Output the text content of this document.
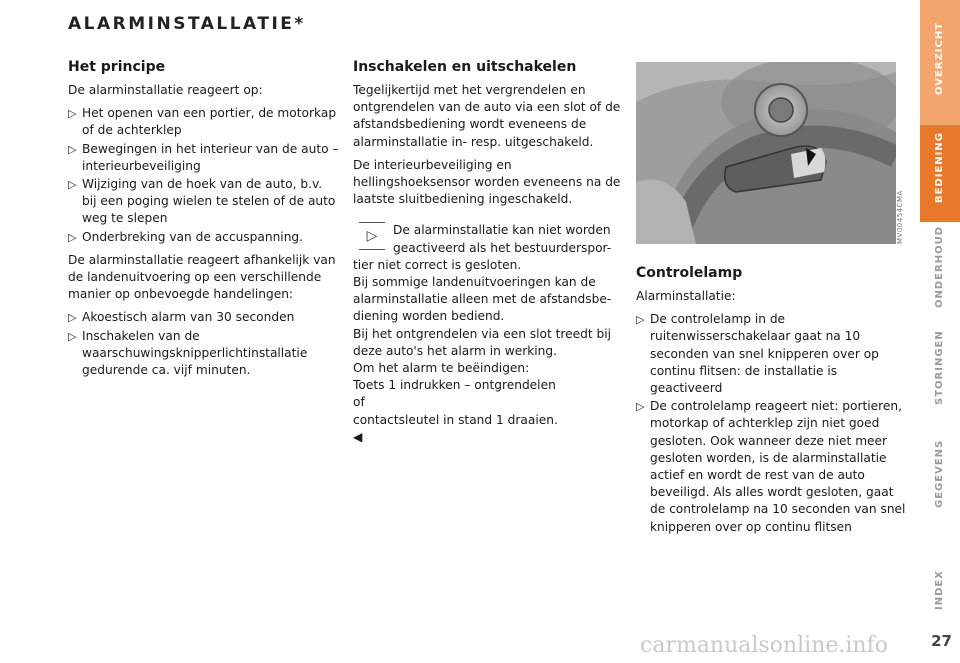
ALARMINSTALLATIE*
Het principe

De alarminstallatie reageert op:

▷ Het openen van een portier, de motorkap of de achterklep
▷ Bewegingen in het interieur van de auto – interieurbeveiliging
▷ Wijziging van de hoek van de auto, b.v. bij een poging wielen te stelen of de auto weg te slepen
▷ Onderbreking van de accuspanning.

De alarminstallatie reageert afhankelijk van de landenuitvoering op een verschillende manier op onbevoegde handelingen:

▷ Akoestisch alarm van 30 seconden
▷ Inschakelen van de waarschuwingsknipperlichtinstallatie gedurende ca. vijf minuten.
Inschakelen en uitschakelen

Tegelijkertijd met het vergrendelen en ontgrendelen van de auto via een slot of de afstandsbediening wordt eveneens de alarminstallatie in- resp. uitgeschakeld.

De interieurbeveiliging en hellingshoeksensor worden eveneens na de laatste sluitbediening ingeschakeld.

▷	De alarminstallatie kan niet worden
geactiveerd als het bestuurderspor-
tier niet correct is gesloten.
Bij sommige landenuitvoeringen kan de
alarminstallatie alleen met de afstandsbe-
diening worden bediend.
Bij het ontgrendelen via een slot treedt bij
deze auto's het alarm in werking.
Om het alarm te beëindigen:
Toets 1 indrukken – ontgrendelen
of
contactsleutel in stand 1 draaien.
◀
MV00454CMA
Controlelamp

Alarminstallatie:

▷ De controlelamp in de ruitenwisserschakelaar gaat na 10 seconden van snel knipperen over op continu flitsen: de installatie is geactiveerd
▷ De controlelamp reageert niet: portieren, motorkap of achterklep zijn niet goed gesloten. Ook wanneer deze niet meer gesloten worden, is de alarminstallatie actief en wordt de rest van de auto beveiligd. Als alles wordt gesloten, gaat de controlelamp na 10 seconden van snel knipperen over op continu flitsen
OVERZICHT
BEDIENING
ONDERHOUD
STORINGEN
GEGEVENS
INDEX
27
carmanualsonline.info
